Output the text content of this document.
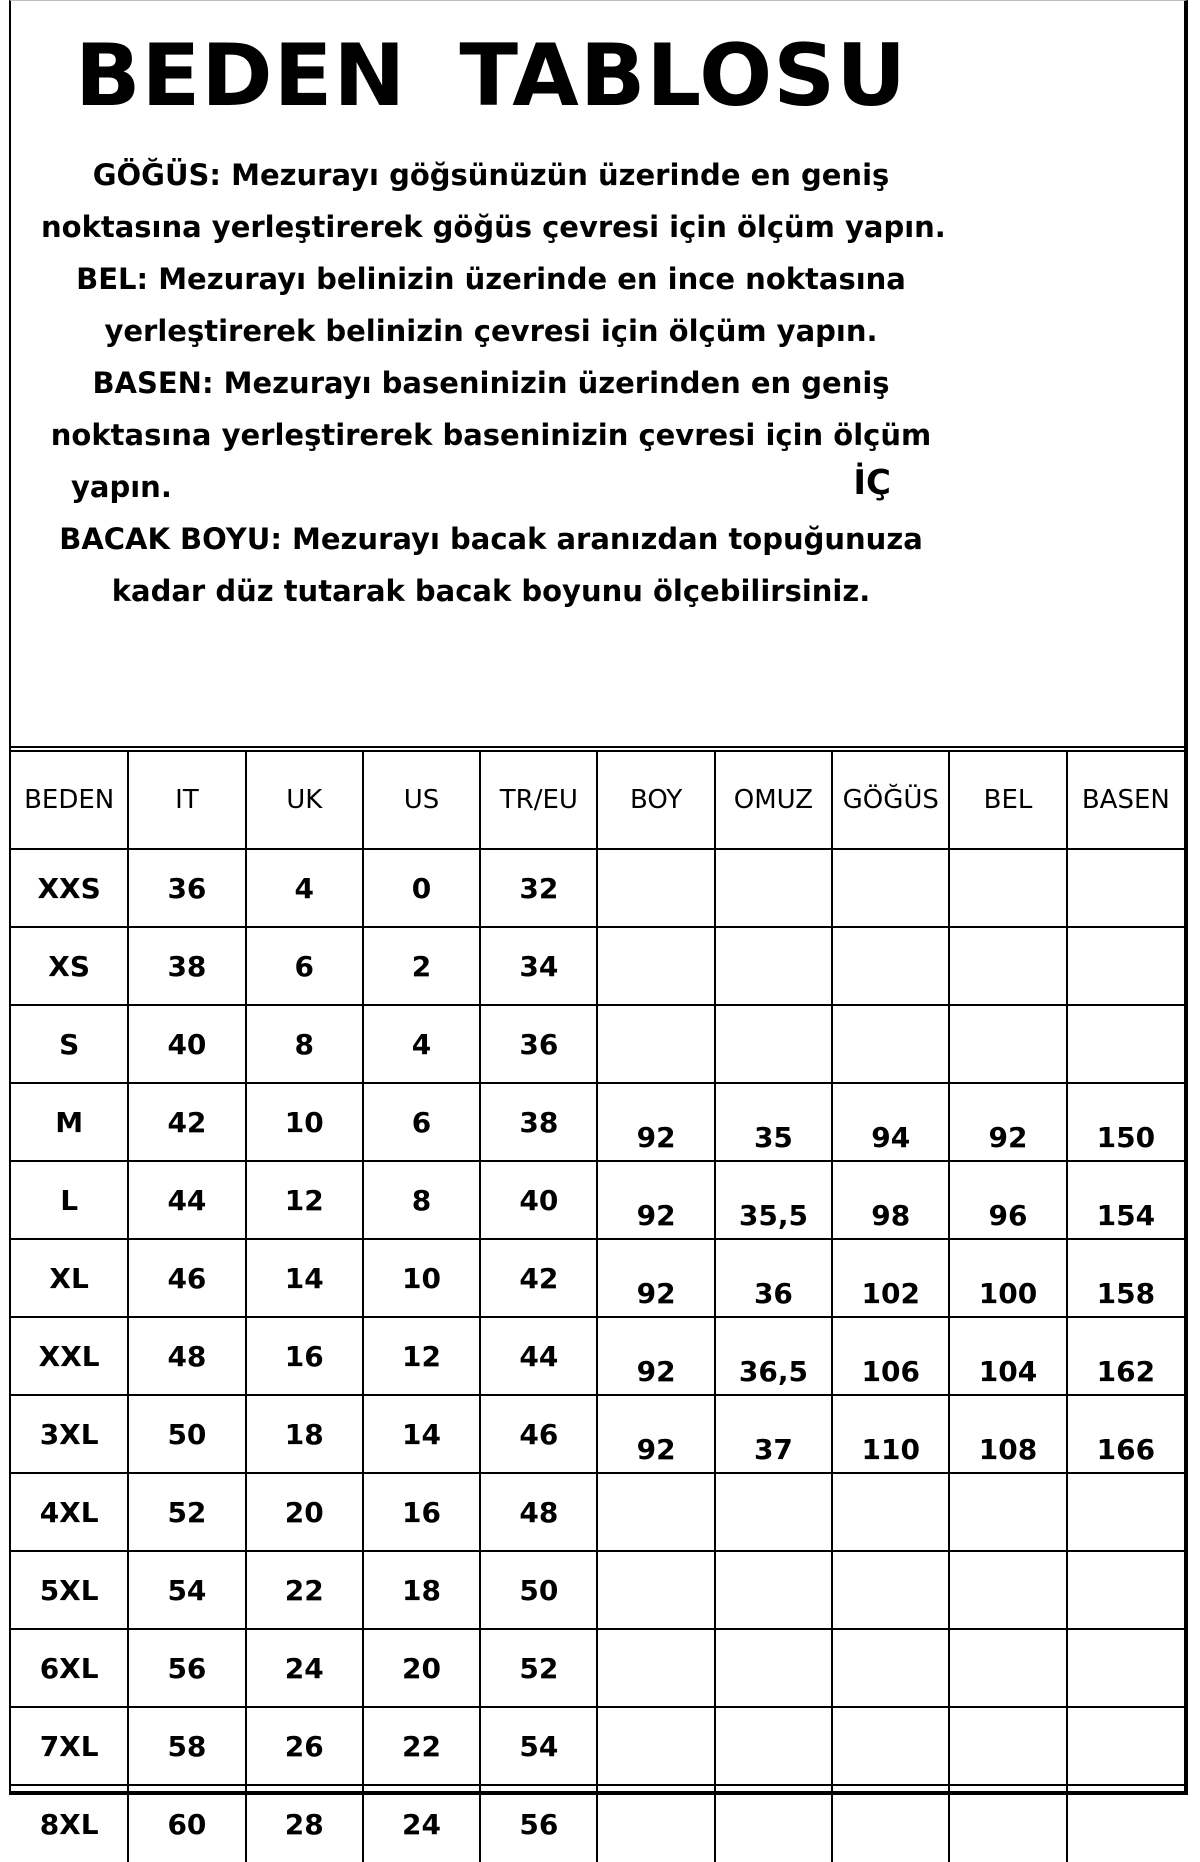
BEDEN TABLOSU
GÖĞÜS: Mezurayı göğsünüzün üzerinde en geniş
noktasına yerleştirerek göğüs çevresi için ölçüm yapın.
BEL: Mezurayı belinizin üzerinde en ince noktasına
yerleştirerek belinizin çevresi için ölçüm yapın.
BASEN: Mezurayı baseninizin üzerinden en geniş
noktasına yerleştirerek baseninizin çevresi için ölçüm
yapın.	İÇ
BACAK BOYU: Mezurayı bacak aranızdan topuğunuza
kadar düz tutarak bacak boyunu ölçebilirsiniz.
BEDEN	IT	UK	US	TR/EU	BOY	OMUZ	GÖĞÜS	BEL	BASEN
XXS	36	4	0	32					
XS	38	6	2	34					
S	40	8	4	36					
M	42	10	6	38	92	35	94	92	150
L	44	12	8	40	92	35,5	98	96	154
XL	46	14	10	42	92	36	102	100	158
XXL	48	16	12	44	92	36,5	106	104	162
3XL	50	18	14	46	92	37	110	108	166
4XL	52	20	16	48					
5XL	54	22	18	50					
6XL	56	24	20	52					
7XL	58	26	22	54					
8XL	60	28	24	56					
